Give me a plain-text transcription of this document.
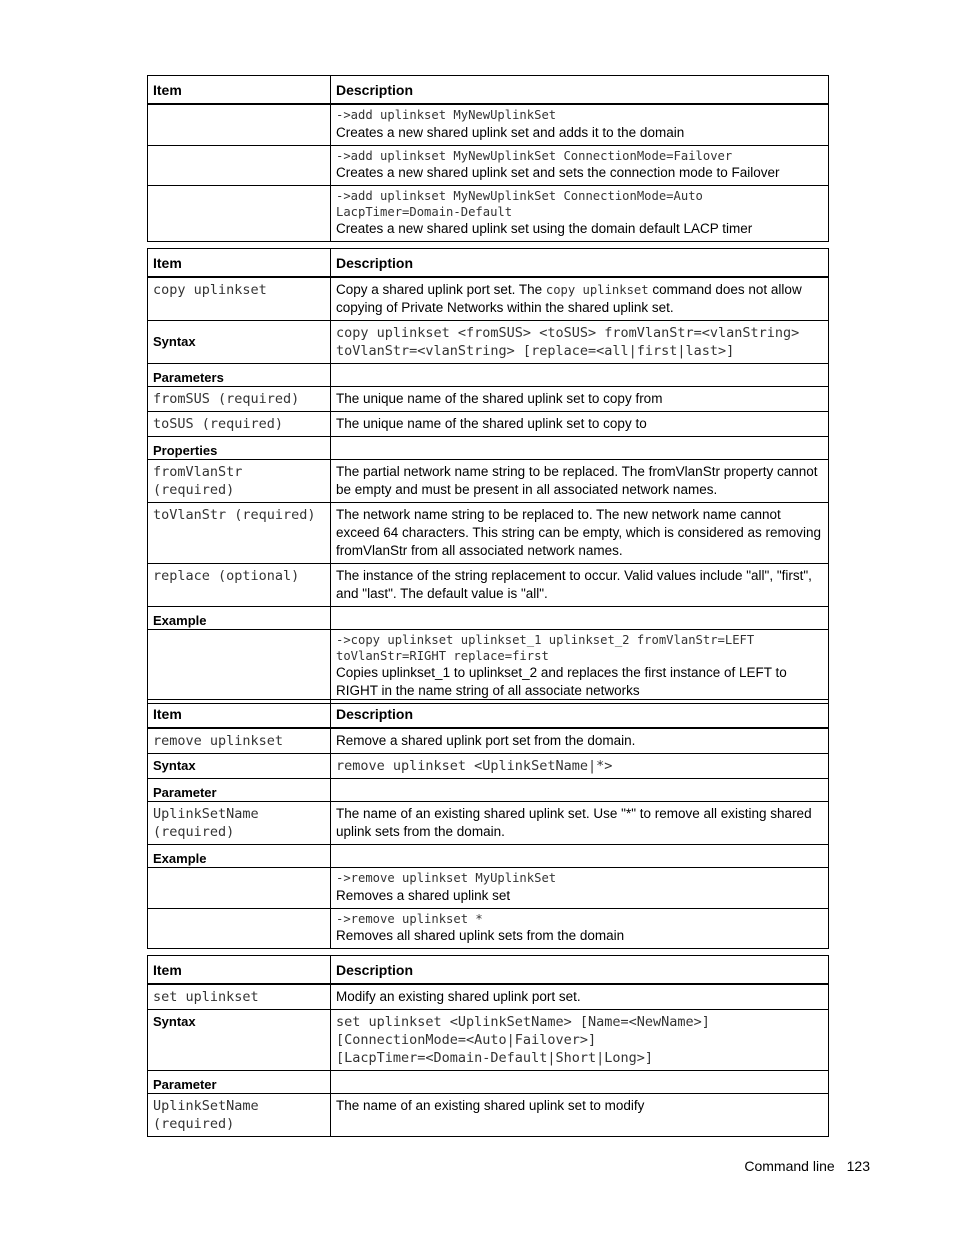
Item	Description

	->add uplinkset MyNewUplinkSet
Creates a new shared uplink set and adds it to the domain

	->add uplinkset MyNewUplinkSet ConnectionMode=Failover
Creates a new shared uplink set and sets the connection mode to Failover

	->add uplinkset MyNewUplinkSet ConnectionMode=Auto
LacpTimer=Domain-Default
Creates a new shared uplink set using the domain default LACP timer
Item	Description
copy uplinkset	Copy a shared uplink port set. The copy uplinkset command does not allow copying of Private Networks within the shared uplink set.
Syntax	copy uplinkset <fromSUS> <toSUS> fromVlanStr=<vlanString>
toVlanStr=<vlanString> [replace=<all|first|last>]
Parameters	
fromSUS (required)	The unique name of the shared uplink set to copy from
toSUS (required)	The unique name of the shared uplink set to copy to
Properties	
fromVlanStr
(required)	The partial network name string to be replaced. The fromVlanStr property cannot be empty and must be present in all associated network names.
toVlanStr (required)	The network name string to be replaced to. The new network name cannot exceed 64 characters. This string can be empty, which is considered as removing fromVlanStr from all associated network names.
replace (optional)	The instance of the string replacement to occur. Valid values include "all", "first", and "last". The default value is "all".
Example	

	->copy uplinkset uplinkset_1 uplinkset_2 fromVlanStr=LEFT
toVlanStr=RIGHT replace=first
Copies uplinkset_1 to uplinkset_2 and replaces the first instance of LEFT to RIGHT in the name string of all associate networks
Item	Description
remove uplinkset	Remove a shared uplink port set from the domain.
Syntax	remove uplinkset <UplinkSetName|*>
Parameter	
UplinkSetName
(required)	The name of an existing shared uplink set. Use "*" to remove all existing shared uplink sets from the domain.
Example	

	->remove uplinkset MyUplinkSet
Removes a shared uplink set

	->remove uplinkset *
Removes all shared uplink sets from the domain
Item	Description
set uplinkset	Modify an existing shared uplink port set.
Syntax	set uplinkset <UplinkSetName> [Name=<NewName>]
[ConnectionMode=<Auto|Failover>]
[LacpTimer=<Domain-Default|Short|Long>]
Parameter	
UplinkSetName
(required)	The name of an existing shared uplink set to modify
Command line 123
